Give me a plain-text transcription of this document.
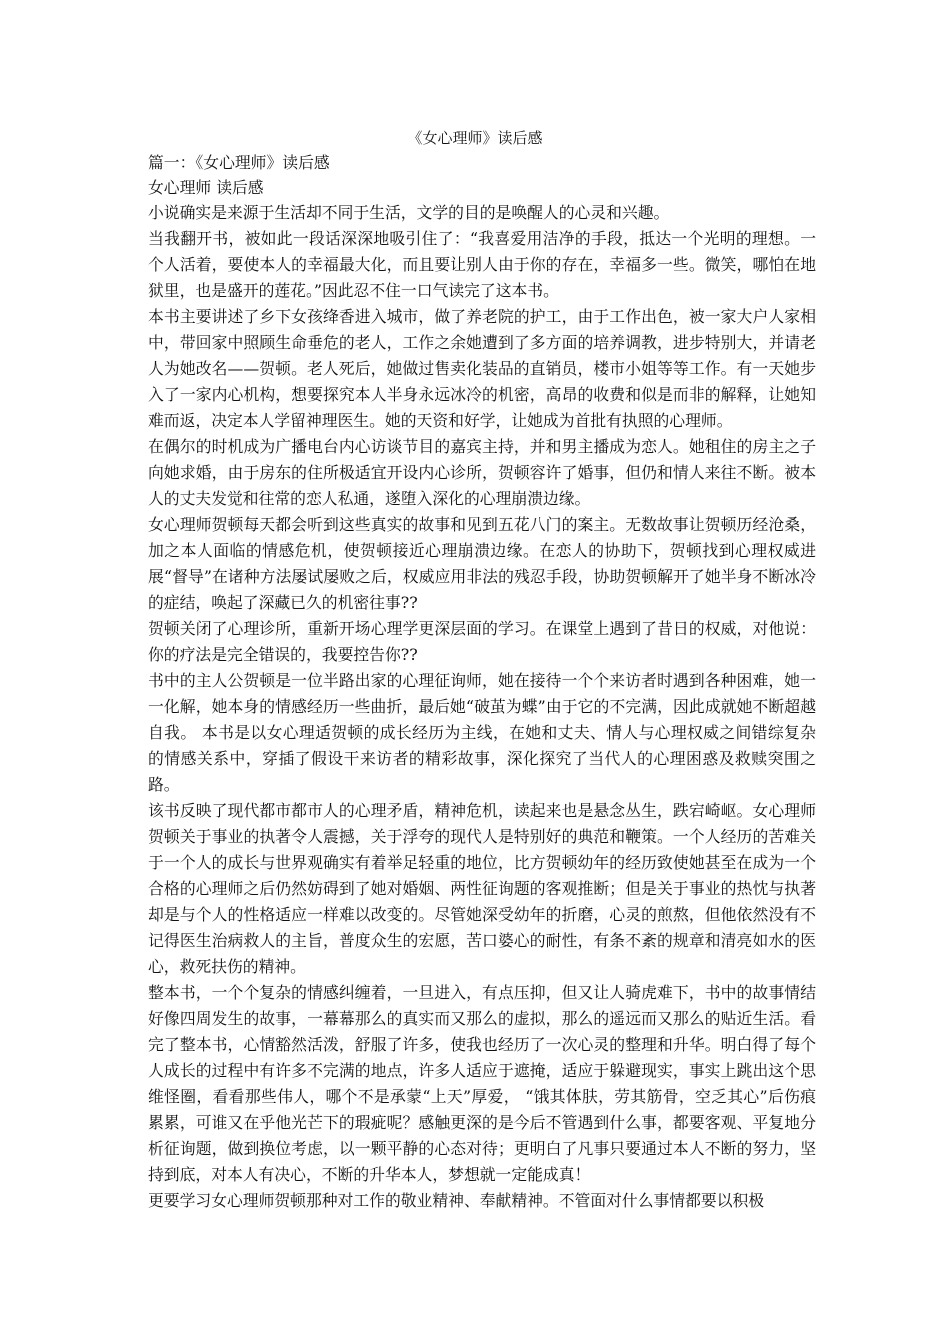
《女心理师》读后感

篇一：《女心理师》读后感

女心理师 读后感

小说确实是来源于生活却不同于生活，文学的目的是唤醒人的心灵和兴趣。

当我翻开书，被如此一段话深深地吸引住了：“我喜爱用洁净的手段，抵达一个光明的理想。一个人活着，要使本人的幸福最大化，而且要让别人由于你的存在，幸福多一些。微笑，哪怕在地狱里，也是盛开的莲花。”因此忍不住一口气读完了这本书。

本书主要讲述了乡下女孩绛香进入城市，做了养老院的护工，由于工作出色，被一家大户人家相中，带回家中照顾生命垂危的老人，工作之余她遭到了多方面的培养调教，进步特别大，并请老人为她改名——贺顿。老人死后，她做过售卖化装品的直销员，楼市小姐等等工作。有一天她步入了一家内心机构，想要探究本人半身永远冰冷的机密，高昂的收费和似是而非的解释，让她知难而返，决定本人学留神理医生。她的天资和好学，让她成为首批有执照的心理师。

在偶尔的时机成为广播电台内心访谈节目的嘉宾主持，并和男主播成为恋人。她租住的房主之子向她求婚，由于房东的住所极适宜开设内心诊所，贺顿容许了婚事，但仍和情人来往不断。被本人的丈夫发觉和往常的恋人私通，遂堕入深化的心理崩溃边缘。

女心理师贺顿每天都会听到这些真实的故事和见到五花八门的案主。无数故事让贺顿历经沧桑，加之本人面临的情感危机，使贺顿接近心理崩溃边缘。在恋人的协助下，贺顿找到心理权威进展“督导”在诸种方法屡试屡败之后，权威应用非法的残忍手段，协助贺顿解开了她半身不断冰冷的症结，唤起了深藏已久的机密往事??

贺顿关闭了心理诊所，重新开场心理学更深层面的学习。在课堂上遇到了昔日的权威，对他说：你的疗法是完全错误的，我要控告你??

书中的主人公贺顿是一位半路出家的心理征询师，她在接待一个个来访者时遇到各种困难，她一一化解，她本身的情感经历一些曲折，最后她“破茧为蝶”由于它的不完满，因此成就她不断超越自我。 本书是以女心理适贺顿的成长经历为主线，在她和丈夫、情人与心理权威之间错综复杂的情感关系中，穿插了假设干来访者的精彩故事，深化探究了当代人的心理困惑及救赎突围之路。

该书反映了现代都市都市人的心理矛盾，精神危机，读起来也是悬念丛生，跌宕崎岖。女心理师贺顿关于事业的执著令人震撼，关于浮夸的现代人是特别好的典范和鞭策。一个人经历的苦难关于一个人的成长与世界观确实有着举足轻重的地位，比方贺顿幼年的经历致使她甚至在成为一个合格的心理师之后仍然妨碍到了她对婚姻、两性征询题的客观推断；但是关于事业的热忱与执著却是与个人的性格适应一样难以改变的。尽管她深受幼年的折磨，心灵的煎熬，但他依然没有不记得医生治病救人的主旨，普度众生的宏愿，苦口婆心的耐性，有条不紊的规章和清亮如水的医心，救死扶伤的精神。

整本书，一个个复杂的情感纠缠着，一旦进入，有点压抑，但又让人骑虎难下，书中的故事情结好像四周发生的故事，一幕幕那么的真实而又那么的虚拟，那么的遥远而又那么的贴近生活。看完了整本书，心情豁然活泼，舒服了许多，使我也经历了一次心灵的整理和升华。明白得了每个人成长的过程中有许多不完满的地点，许多人适应于遮掩，适应于躲避现实，事实上跳出这个思维怪圈，看看那些伟人，哪个不是承蒙“上天”厚爱， “饿其体肤，劳其筋骨，空乏其心”后伤痕累累，可谁又在乎他光芒下的瑕疵呢？感触更深的是今后不管遇到什么事，都要客观、平复地分析征询题，做到换位考虑，以一颗平静的心态对待；更明白了凡事只要通过本人不断的努力，坚持到底，对本人有决心，不断的升华本人，梦想就一定能成真！

更要学习女心理师贺顿那种对工作的敬业精神、奉献精神。不管面对什么事情都要以积极
